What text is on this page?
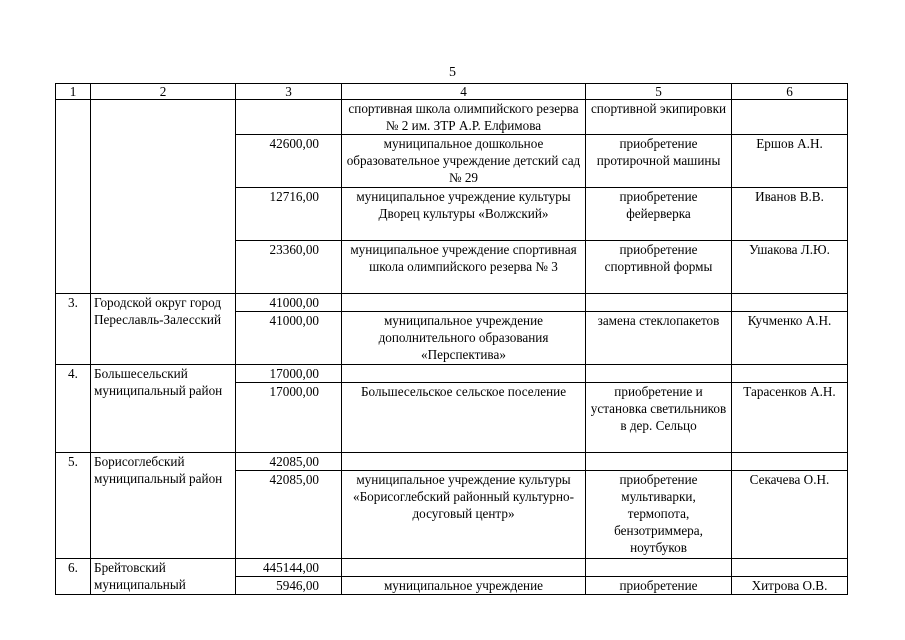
5
1	2	3	4	5	6
			спортивная школа олимпийского резерва № 2 им. ЗТР А.Р. Елфимова	спортивной экипировки	
		42600,00	муниципальное дошкольное образовательное учреждение детский сад № 29	приобретение протирочной машины	Ершов А.Н.
		12716,00	муниципальное учреждение культуры Дворец культуры «Волжский»	приобретение фейерверка	Иванов В.В.
		23360,00	муниципальное учреждение спортивная школа олимпийского резерва № 3	приобретение спортивной формы	Ушакова Л.Ю.
3.	Городской округ город Переславль-Залесский	41000,00			
		41000,00	муниципальное учреждение дополнительного образования «Перспектива»	замена стеклопакетов	Кучменко А.Н.
4.	Большесельский муниципальный район	17000,00			
		17000,00	Большесельское сельское поселение	приобретение и установка светильников в дер. Сельцо	Тарасенков А.Н.
5.	Борисоглебский муниципальный район	42085,00			
		42085,00	муниципальное учреждение культуры «Борисоглебский районный культурно-досуговый центр»	приобретение мультиварки, термопота, бензотриммера, ноутбуков	Секачева О.Н.
6.	Брейтовский муниципальный	445144,00			
		5946,00	муниципальное учреждение	приобретение	Хитрова О.В.
